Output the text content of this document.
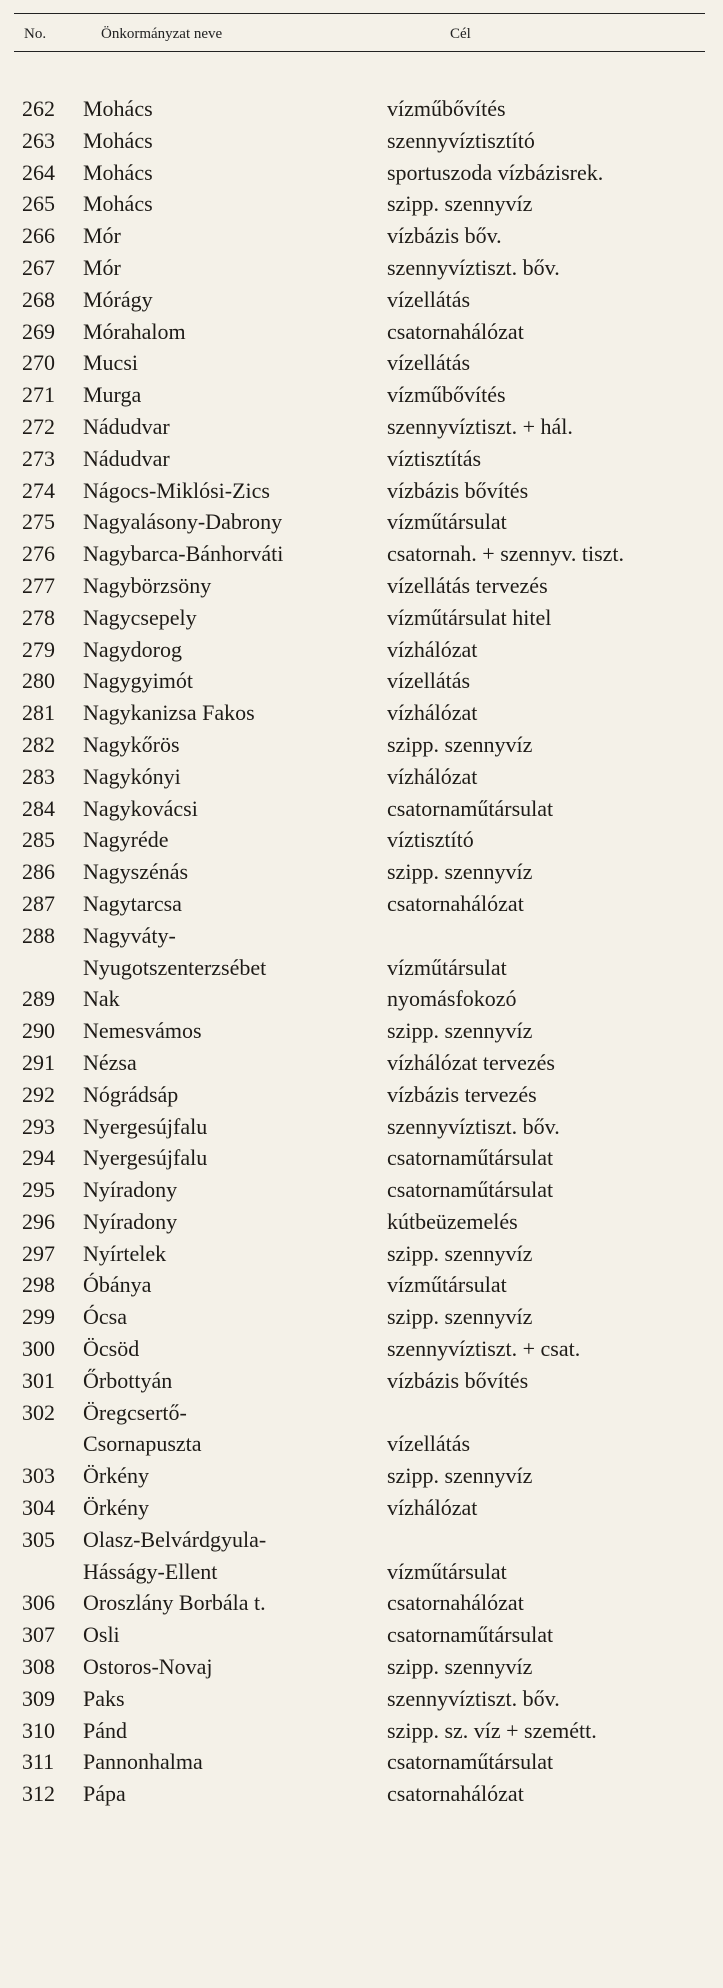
No.	Önkormányzat neve	Cél
262	Mohács	vízműbővítés
263	Mohács	szennyvíztisztító
264	Mohács	sportuszoda vízbázisrek.
265	Mohács	szipp. szennyvíz
266	Mór	vízbázis bőv.
267	Mór	szennyvíztiszt. bőv.
268	Mórágy	vízellátás
269	Mórahalom	csatornahálózat
270	Mucsi	vízellátás
271	Murga	vízműbővítés
272	Nádudvar	szennyvíztiszt. + hál.
273	Nádudvar	víztisztítás
274	Nágocs-Miklósi-Zics	vízbázis bővítés
275	Nagyalásony-Dabrony	vízműtársulat
276	Nagybarca-Bánhorváti	csatornah. + szennyv. tiszt.
277	Nagybörzsöny	vízellátás tervezés
278	Nagycsepely	vízműtársulat hitel
279	Nagydorog	vízhálózat
280	Nagygyimót	vízellátás
281	Nagykanizsa Fakos	vízhálózat
282	Nagykőrös	szipp. szennyvíz
283	Nagykónyi	vízhálózat
284	Nagykovácsi	csatornaműtársulat
285	Nagyréde	víztisztító
286	Nagyszénás	szipp. szennyvíz
287	Nagytarcsa	csatornahálózat
288	Nagyváty-
Nyugotszenterzsébet	vízműtársulat
289	Nak	nyomásfokozó
290	Nemesvámos	szipp. szennyvíz
291	Nézsa	vízhálózat tervezés
292	Nógrádsáp	vízbázis tervezés
293	Nyergesújfalu	szennyvíztiszt. bőv.
294	Nyergesújfalu	csatornaműtársulat
295	Nyíradony	csatornaműtársulat
296	Nyíradony	kútbeüzemelés
297	Nyírtelek	szipp. szennyvíz
298	Óbánya	vízműtársulat
299	Ócsa	szipp. szennyvíz
300	Öcsöd	szennyvíztiszt. + csat.
301	Őrbottyán	vízbázis bővítés
302	Öregcsertő-
Csornapuszta	vízellátás
303	Örkény	szipp. szennyvíz
304	Örkény	vízhálózat
305	Olasz-Belvárdgyula-
Hásságy-Ellent	vízműtársulat
306	Oroszlány Borbála t.	csatornahálózat
307	Osli	csatornaműtársulat
308	Ostoros-Novaj	szipp. szennyvíz
309	Paks	szennyvíztiszt. bőv.
310	Pánd	szipp. sz. víz + szemétt.
311	Pannonhalma	csatornaműtársulat
312	Pápa	csatornahálózat
